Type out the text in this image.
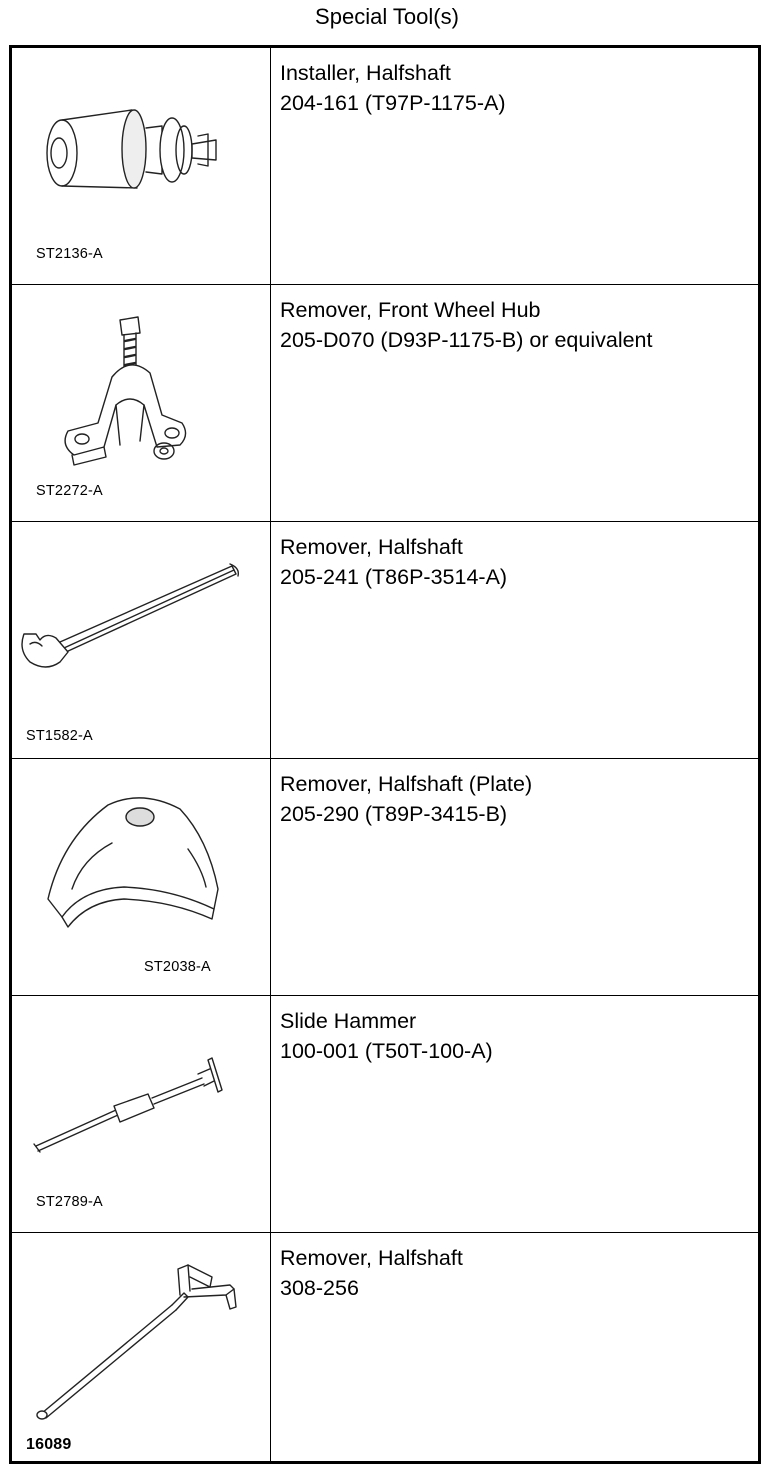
Special Tool(s)
ST2136-A
Installer, Halfshaft
204-161 (T97P-1175-A)
ST2272-A
Remover, Front Wheel Hub
205-D070 (D93P-1175-B) or equivalent
ST1582-A
Remover, Halfshaft
205-241 (T86P-3514-A)
ST2038-A
Remover, Halfshaft (Plate)
205-290 (T89P-3415-B)
ST2789-A
Slide Hammer
100-001 (T50T-100-A)
16089
Remover, Halfshaft
308-256
